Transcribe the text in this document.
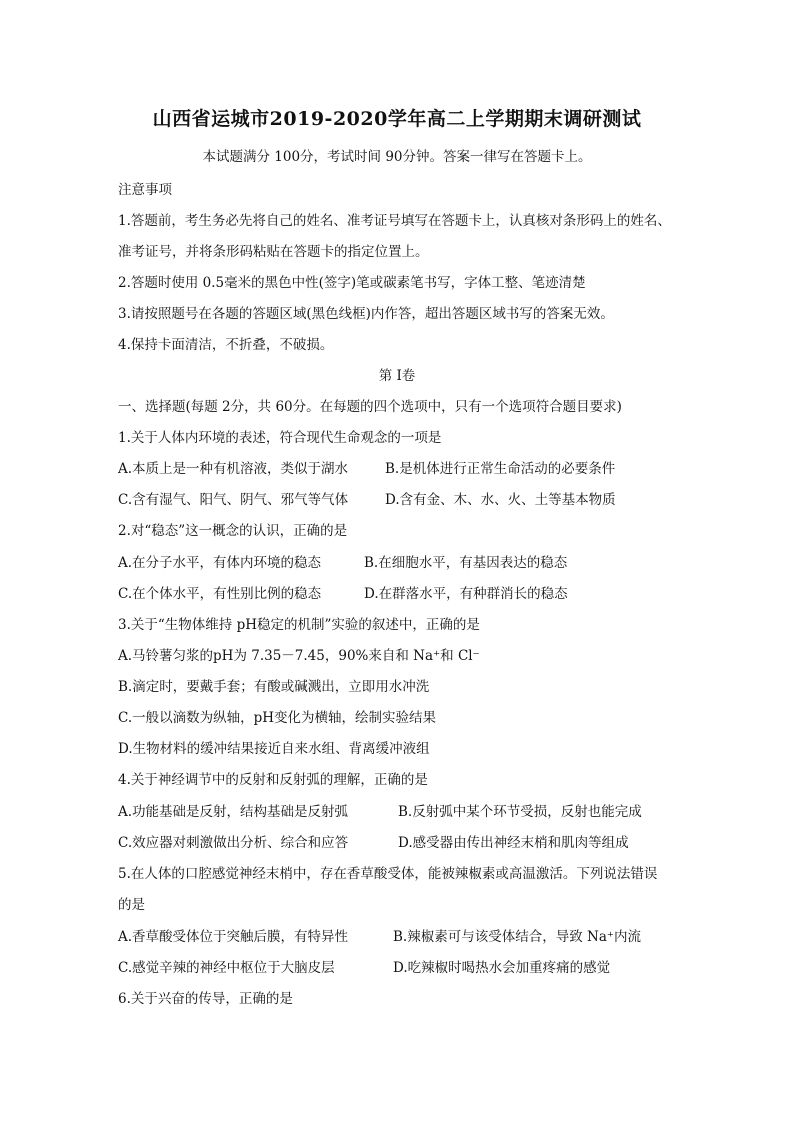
山西省运城市2019-2020学年高二上学期期末调研测试
本试题满分 100分，考试时间 90分钟。答案一律写在答题卡上。
注意事项
1.答题前，考生务必先将自己的姓名、准考证号填写在答题卡上，认真核对条形码上的姓名、
准考证号，并将条形码粘贴在答题卡的指定位置上。
2.答题时使用 0.5毫米的黑色中性(签字)笔或碳素笔书写，字体工整、笔迹清楚
3.请按照题号在各题的答题区域(黑色线框)内作答，超出答题区域书写的答案无效。
4.保持卡面清洁，不折叠，不破损。
第 I卷
一、选择题(每题 2分，共 60分。在每题的四个选项中，只有一个选项符合题目要求)
1.关于人体内环境的表述，符合现代生命观念的一项是
A.本质上是一种有机溶液，类似于湖水	B.是机体进行正常生命活动的必要条件
C.含有湿气、阳气、阴气、邪气等气体	D.含有金、木、水、火、土等基本物质
2.对“稳态”这一概念的认识，正确的是
A.在分子水平，有体内环境的稳态	B.在细胞水平，有基因表达的稳态
C.在个体水平，有性别比例的稳态	D.在群落水平，有种群消长的稳态
3.关于“生物体维持 pH稳定的机制”实验的叙述中，正确的是
A.马铃薯匀浆的pH为 7.35－7.45，90%来自和 Na⁺和 Cl⁻
B.滴定时，要戴手套；有酸或碱溅出，立即用水冲洗
C.一般以滴数为纵轴，pH变化为横轴，绘制实验结果
D.生物材料的缓冲结果接近自来水组、背离缓冲液组
4.关于神经调节中的反射和反射弧的理解，正确的是
A.功能基础是反射，结构基础是反射弧	B.反射弧中某个环节受损，反射也能完成
C.效应器对刺激做出分析、综合和应答	D.感受器由传出神经末梢和肌肉等组成
5.在人体的口腔感觉神经末梢中，存在香草酸受体，能被辣椒素或高温激活。下列说法错误
的是
A.香草酸受体位于突触后膜，有特异性	B.辣椒素可与该受体结合，导致 Na⁺内流
C.感觉辛辣的神经中枢位于大脑皮层	D.吃辣椒时喝热水会加重疼痛的感觉
6.关于兴奋的传导，正确的是
